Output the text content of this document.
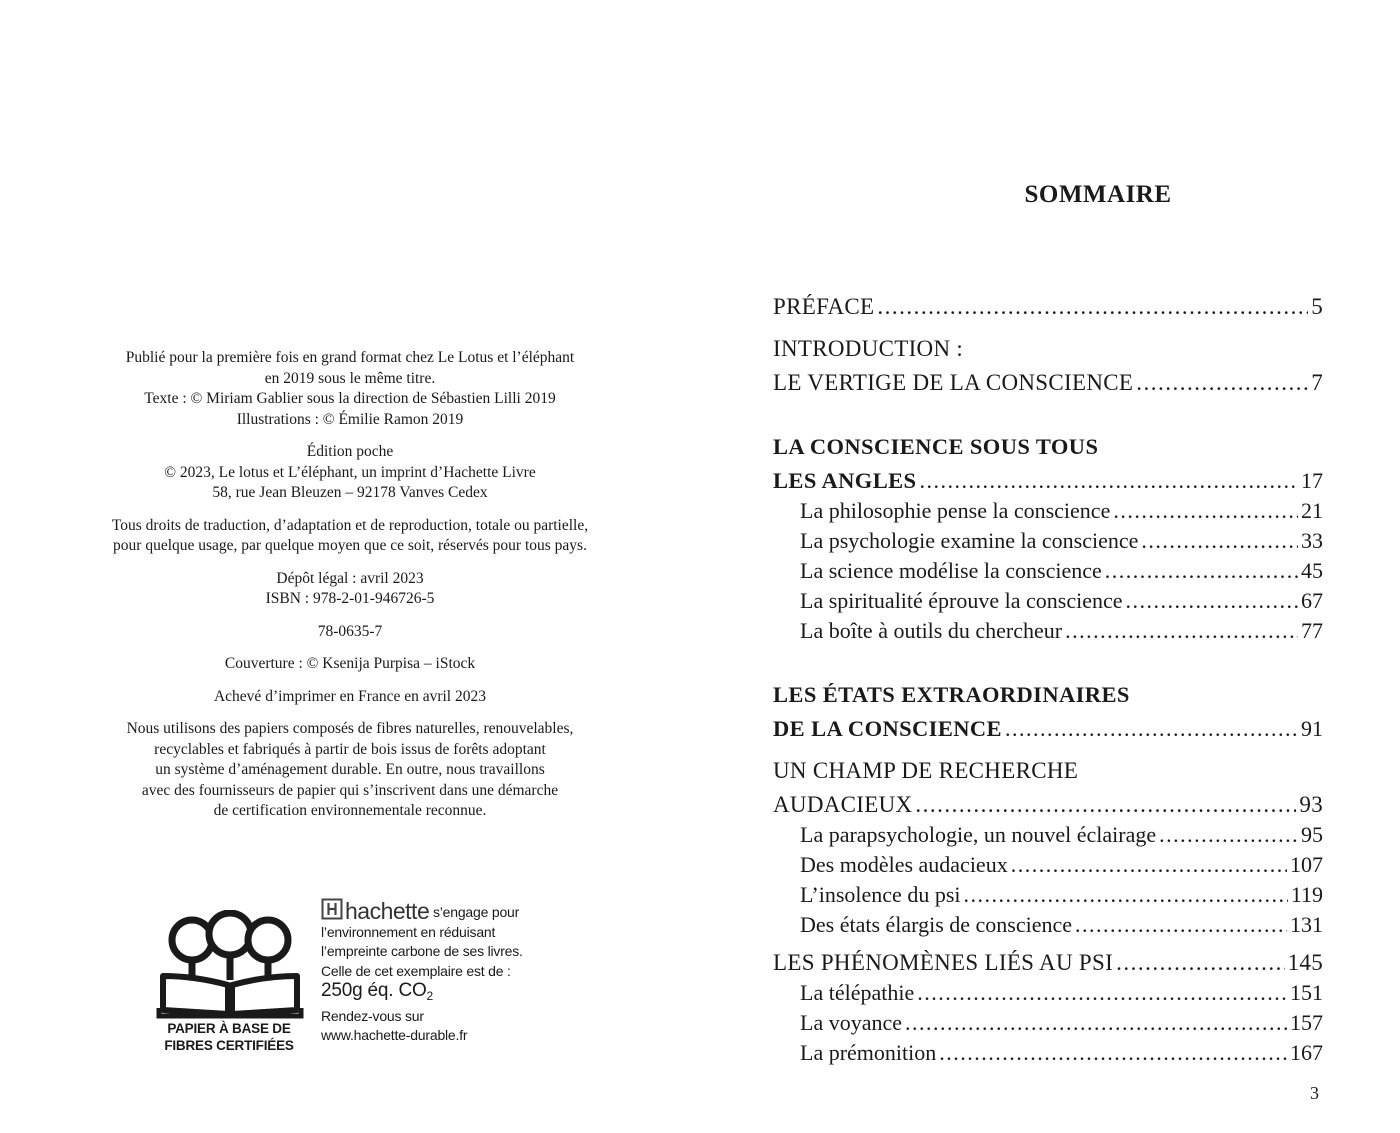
Publié pour la première fois en grand format chez Le Lotus et l’éléphant
en 2019 sous le même titre.
Texte : © Miriam Gablier sous la direction de Sébastien Lilli 2019
Illustrations : © Émilie Ramon 2019
Édition poche
© 2023, Le lotus et L’éléphant, un imprint d’Hachette Livre
58, rue Jean Bleuzen – 92178 Vanves Cedex
Tous droits de traduction, d’adaptation et de reproduction, totale ou partielle,
pour quelque usage, par quelque moyen que ce soit, réservés pour tous pays.
Dépôt légal : avril 2023
ISBN : 978-2-01-946726-5
78-0635-7
Couverture : © Ksenija Purpisa – iStock
Achevé d’imprimer en France en avril 2023
Nous utilisons des papiers composés de fibres naturelles, renouvelables,
recyclables et fabriqués à partir de bois issus de forêts adoptant
un système d’aménagement durable. En outre, nous travaillons
avec des fournisseurs de papier qui s’inscrivent dans une démarche
de certification environnementale reconnue.
PAPIER À BASE DE
FIBRES CERTIFIÉES
hachette s’engage pour
l’environnement en réduisant
l’empreinte carbone de ses livres.
Celle de cet exemplaire est de :
250g éq. $CO_2$
Rendez-vous sur
www.hachette-durable.fr
SOMMAIRE
PRÉFACE .....	5
INTRODUCTION :
LE VERTIGE DE LA CONSCIENCE .....	7
LA CONSCIENCE SOUS TOUS
LES ANGLES .....	17
La philosophie pense la conscience .....	21
La psychologie examine la conscience .....	33
La science modélise la conscience .....	45
La spiritualité éprouve la conscience .....	67
La boîte à outils du chercheur .....	77
LES ÉTATS EXTRAORDINAIRES
DE LA CONSCIENCE .....	91
UN CHAMP DE RECHERCHE
AUDACIEUX .....	93
La parapsychologie, un nouvel éclairage .....	95
Des modèles audacieux .....	107
L’insolence du psi .....	119
Des états élargis de conscience .....	131
LES PHÉNOMÈNES LIÉS AU PSI .....	145
La télépathie .....	151
La voyance .....	157
La prémonition .....	167
3
